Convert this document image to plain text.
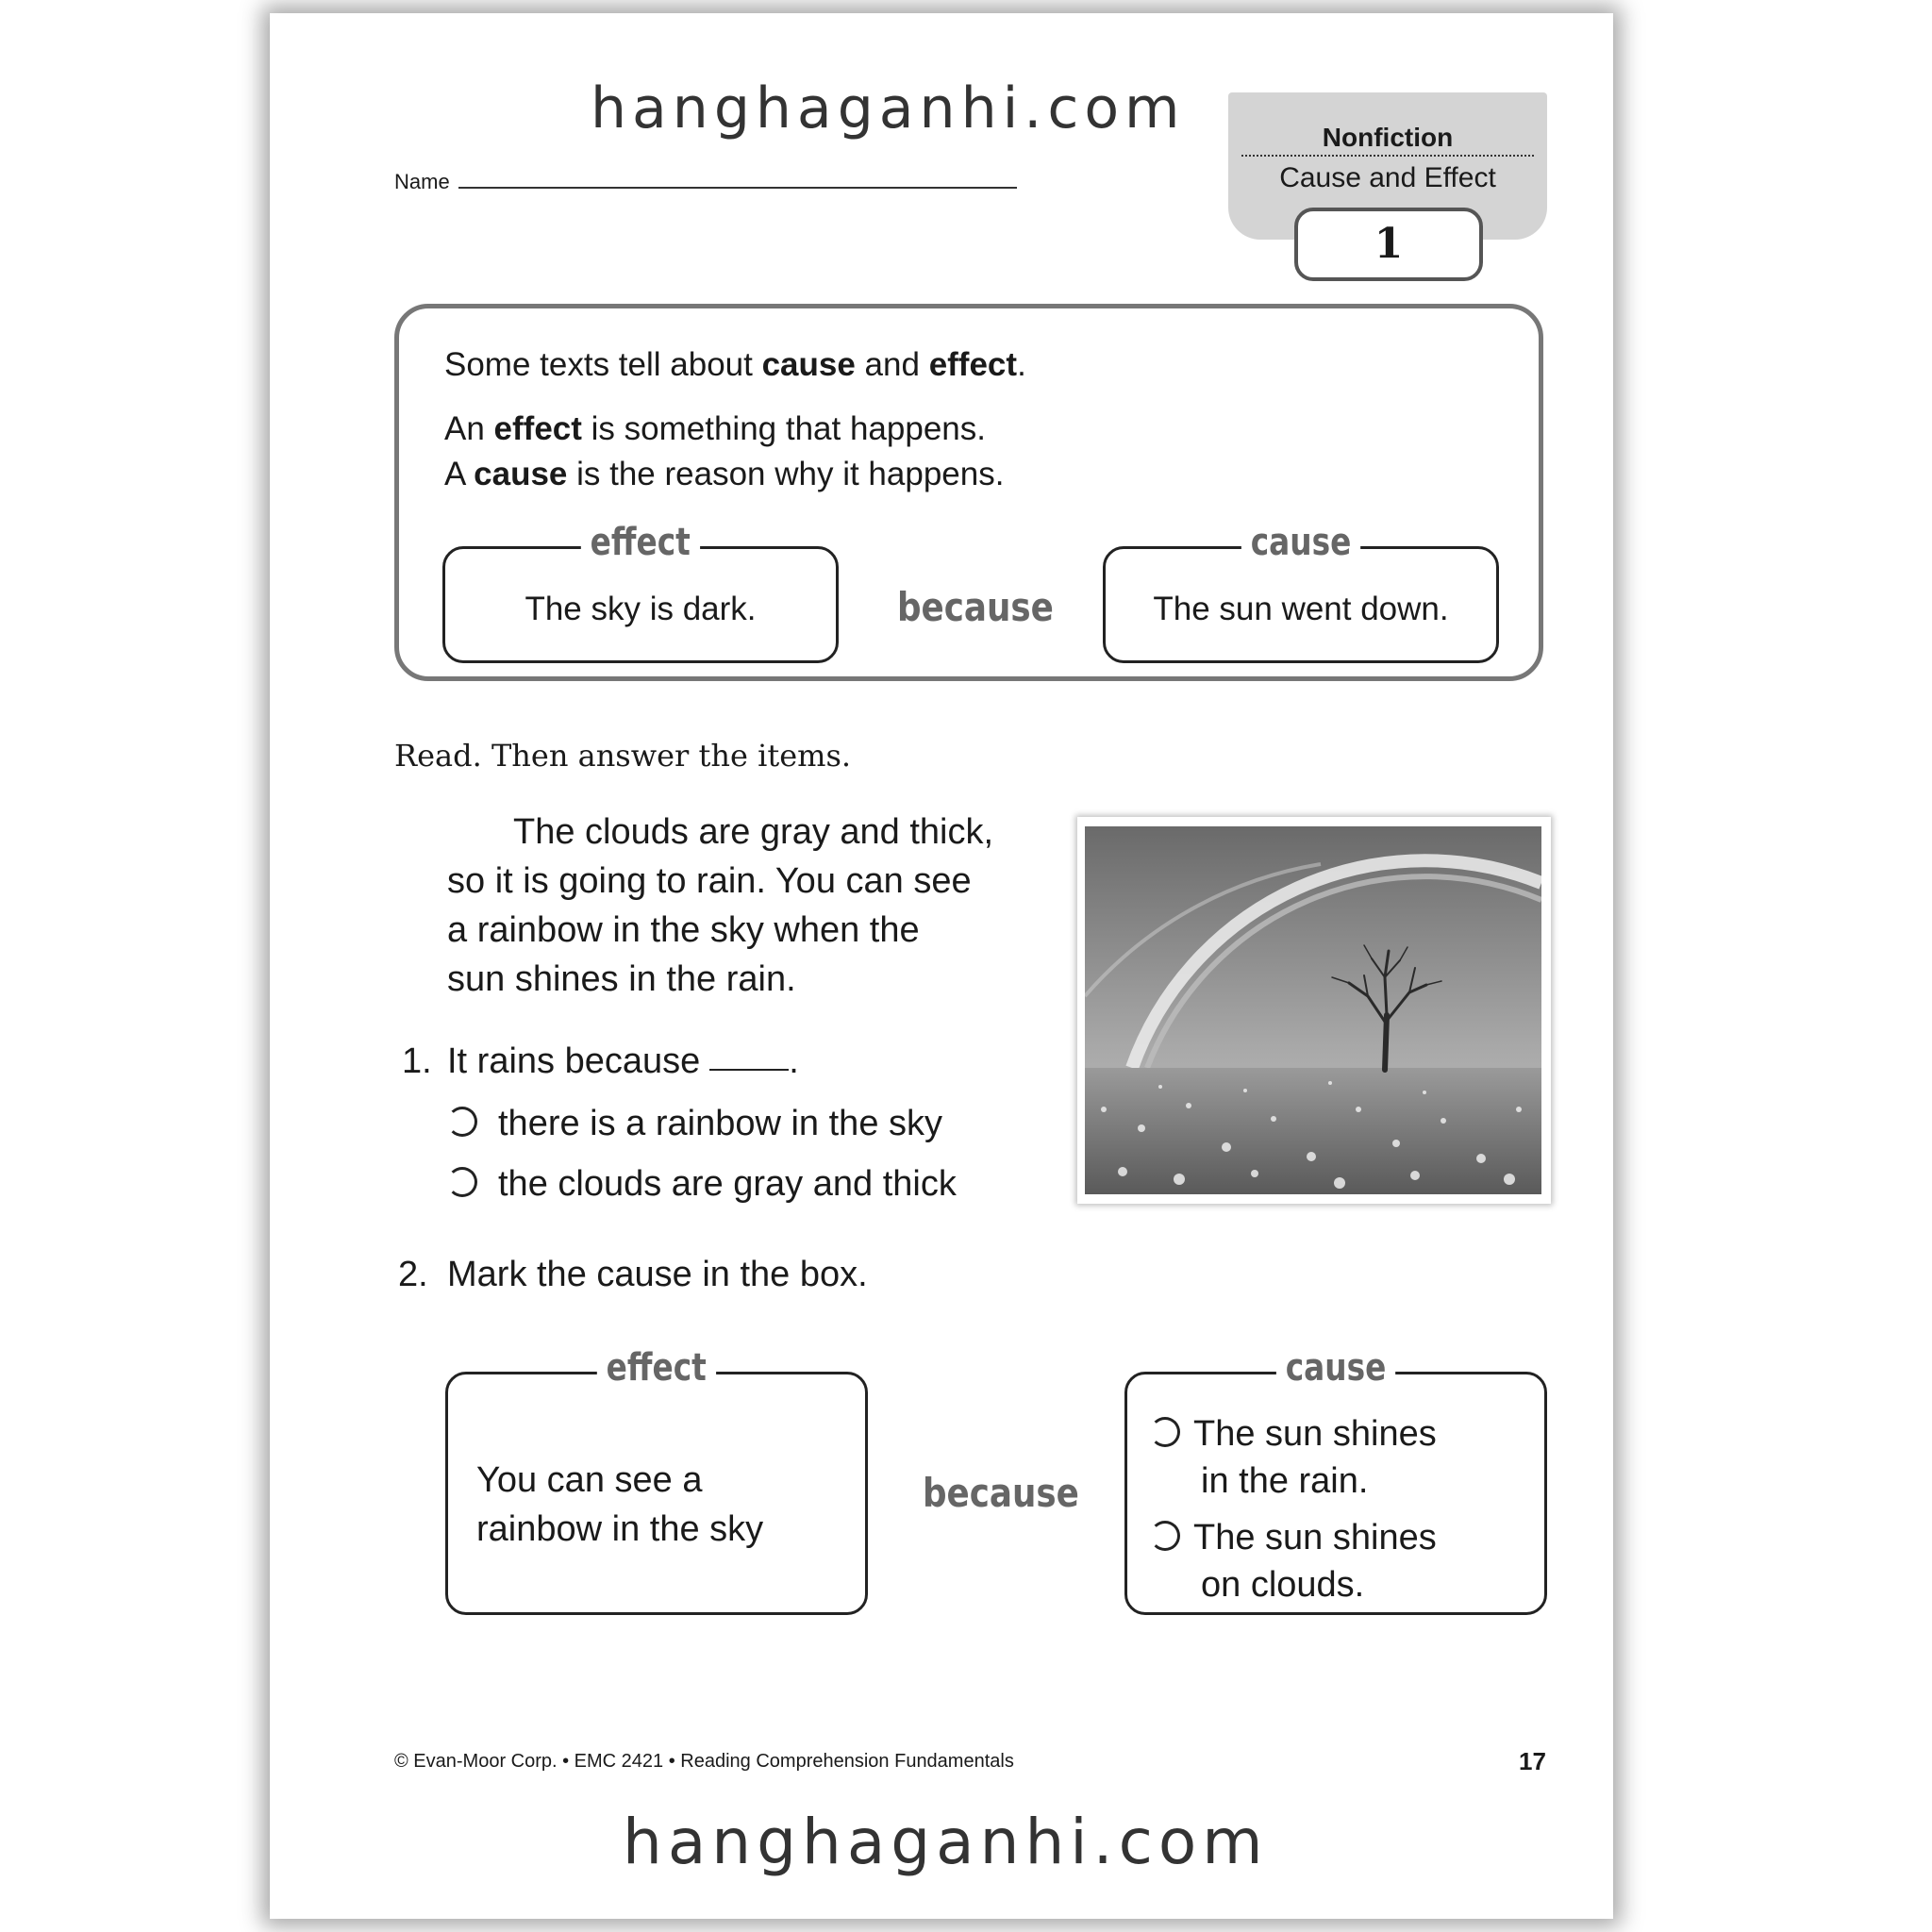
hanghaganhi.com
Name
Nonfiction
Cause and Effect
1
Some texts tell about cause and effect.
An effect is something that happens.
A cause is the reason why it happens.
effect
The sky is dark.	because
cause
The sun went down.
Read. Then answer the items.
The clouds are gray and thick,
so it is going to rain. You can see
a rainbow in the sky when the
sun shines in the rain.
1. It rains because .
there is a rainbow in the sky
the clouds are gray and thick
2. Mark the cause in the box.
effect
You can see a
rainbow in the sky
because
cause
The sun shines
in the rain.
The sun shines
on clouds.
© Evan-Moor Corp. • EMC 2421 • Reading Comprehension Fundamentals	17
hanghaganhi.com
